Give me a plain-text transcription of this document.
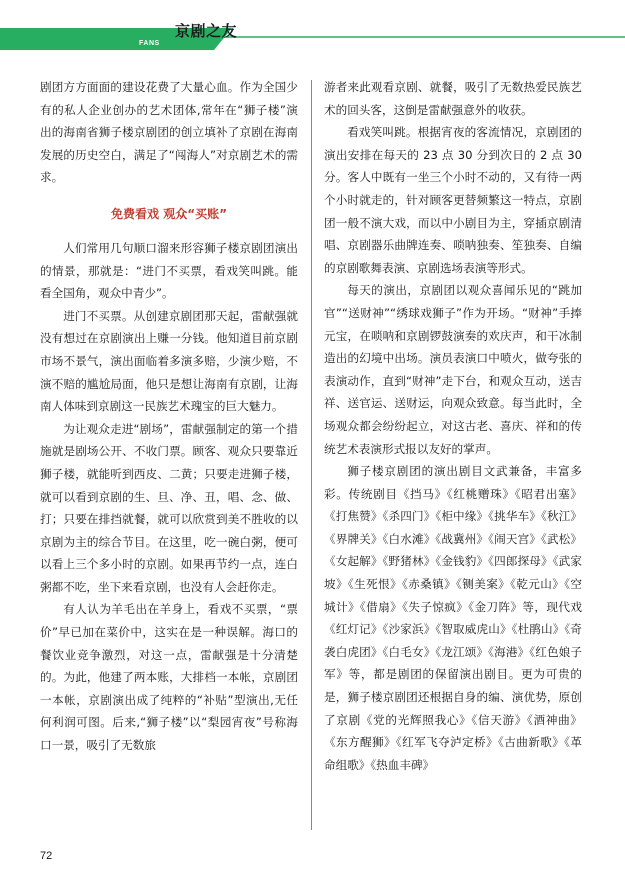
京剧之友
FANS

剧团方方面面的建设花费了大量心血。作为全国少有的私人企业创办的艺术团体,常年在“狮子楼”演出的海南省狮子楼京剧团的创立填补了京剧在海南发展的历史空白，满足了“闯海人”对京剧艺术的需求。

免费看戏 观众“买账”

人们常用几句顺口溜来形容狮子楼京剧团演出的情景，那就是：“进门不买票，看戏笑叫跳。能看全国角，观众中青少”。

进门不买票。从创建京剧团那天起，雷献强就没有想过在京剧演出上赚一分钱。他知道目前京剧市场不景气，演出面临着多演多赔，少演少赔，不演不赔的尴尬局面，他只是想让海南有京剧，让海南人体味到京剧这一民族艺术瑰宝的巨大魅力。

为让观众走进“剧场”，雷献强制定的第一个措施就是剧场公开、不收门票。顾客、观众只要靠近狮子楼，就能听到西皮、二黄；只要走进狮子楼，就可以看到京剧的生、旦、净、丑，唱、念、做、打；只要在排挡就餐，就可以欣赏到美不胜收的以京剧为主的综合节目。在这里，吃一碗白粥，便可以看上三个多小时的京剧。如果再节约一点，连白粥都不吃，坐下来看京剧，也没有人会赶你走。

有人认为羊毛出在羊身上，看戏不买票，“票价”早已加在菜价中，这实在是一种误解。海口的餐饮业竞争激烈，对这一点，雷献强是十分清楚的。为此，他建了两本账，大排档一本帐，京剧团一本帐，京剧演出成了纯粹的“补贴”型演出,无任何利润可图。后来,“狮子楼”以“梨园宵夜”号称海口一景，吸引了无数旅

游者来此观看京剧、就餐，吸引了无数热爱民族艺术的回头客，这倒是雷献强意外的收获。

看戏笑叫跳。根据宵夜的客流情况，京剧团的演出安排在每天的 23 点 30 分到次日的 2 点 30 分。客人中既有一坐三个小时不动的，又有待一两个小时就走的，针对顾客更替频繁这一特点，京剧团一般不演大戏，而以中小剧目为主，穿插京剧清唱、京剧器乐曲牌连奏、唢呐独奏、笙独奏、自编的京剧歌舞表演、京剧选场表演等形式。

每天的演出，京剧团以观众喜闻乐见的“跳加官”“送财神”“绣球戏狮子”作为开场。“财神”手捧元宝，在唢呐和京剧锣鼓演奏的欢庆声，和干冰制造出的幻境中出场。演员表演口中喷火，做夸张的表演动作，直到“财神”走下台，和观众互动，送吉祥、送官运、送财运，向观众致意。每当此时，全场观众都会纷纷起立，对这古老、喜庆、祥和的传统艺术表演形式报以友好的掌声。

狮子楼京剧团的演出剧目文武兼备，丰富多彩。传统剧目《挡马》《红桃赠珠》《昭君出塞》《打焦赞》《杀四门》《柜中缘》《挑华车》《秋江》《界牌关》《白水滩》《战冀州》《闹天宫》《武松》《女起解》《野猪林》《金钱豹》《四郎探母》《武家坡》《生死恨》《赤桑镇》《铡美案》《乾元山》《空城计》《借扇》《失子惊疯》《金刀阵》等，现代戏《红灯记》《沙家浜》《智取威虎山》《杜鹃山》《奇袭白虎团》《白毛女》《龙江颂》《海港》《红色娘子军》等，都是剧团的保留演出剧目。更为可贵的是，狮子楼京剧团还根据自身的编、演优势，原创了京剧《党的光辉照我心》《信天游》《酒神曲》《东方醒狮》《红军飞夺泸定桥》《古曲新歌》《革命组歌》《热血丰碑》

72
